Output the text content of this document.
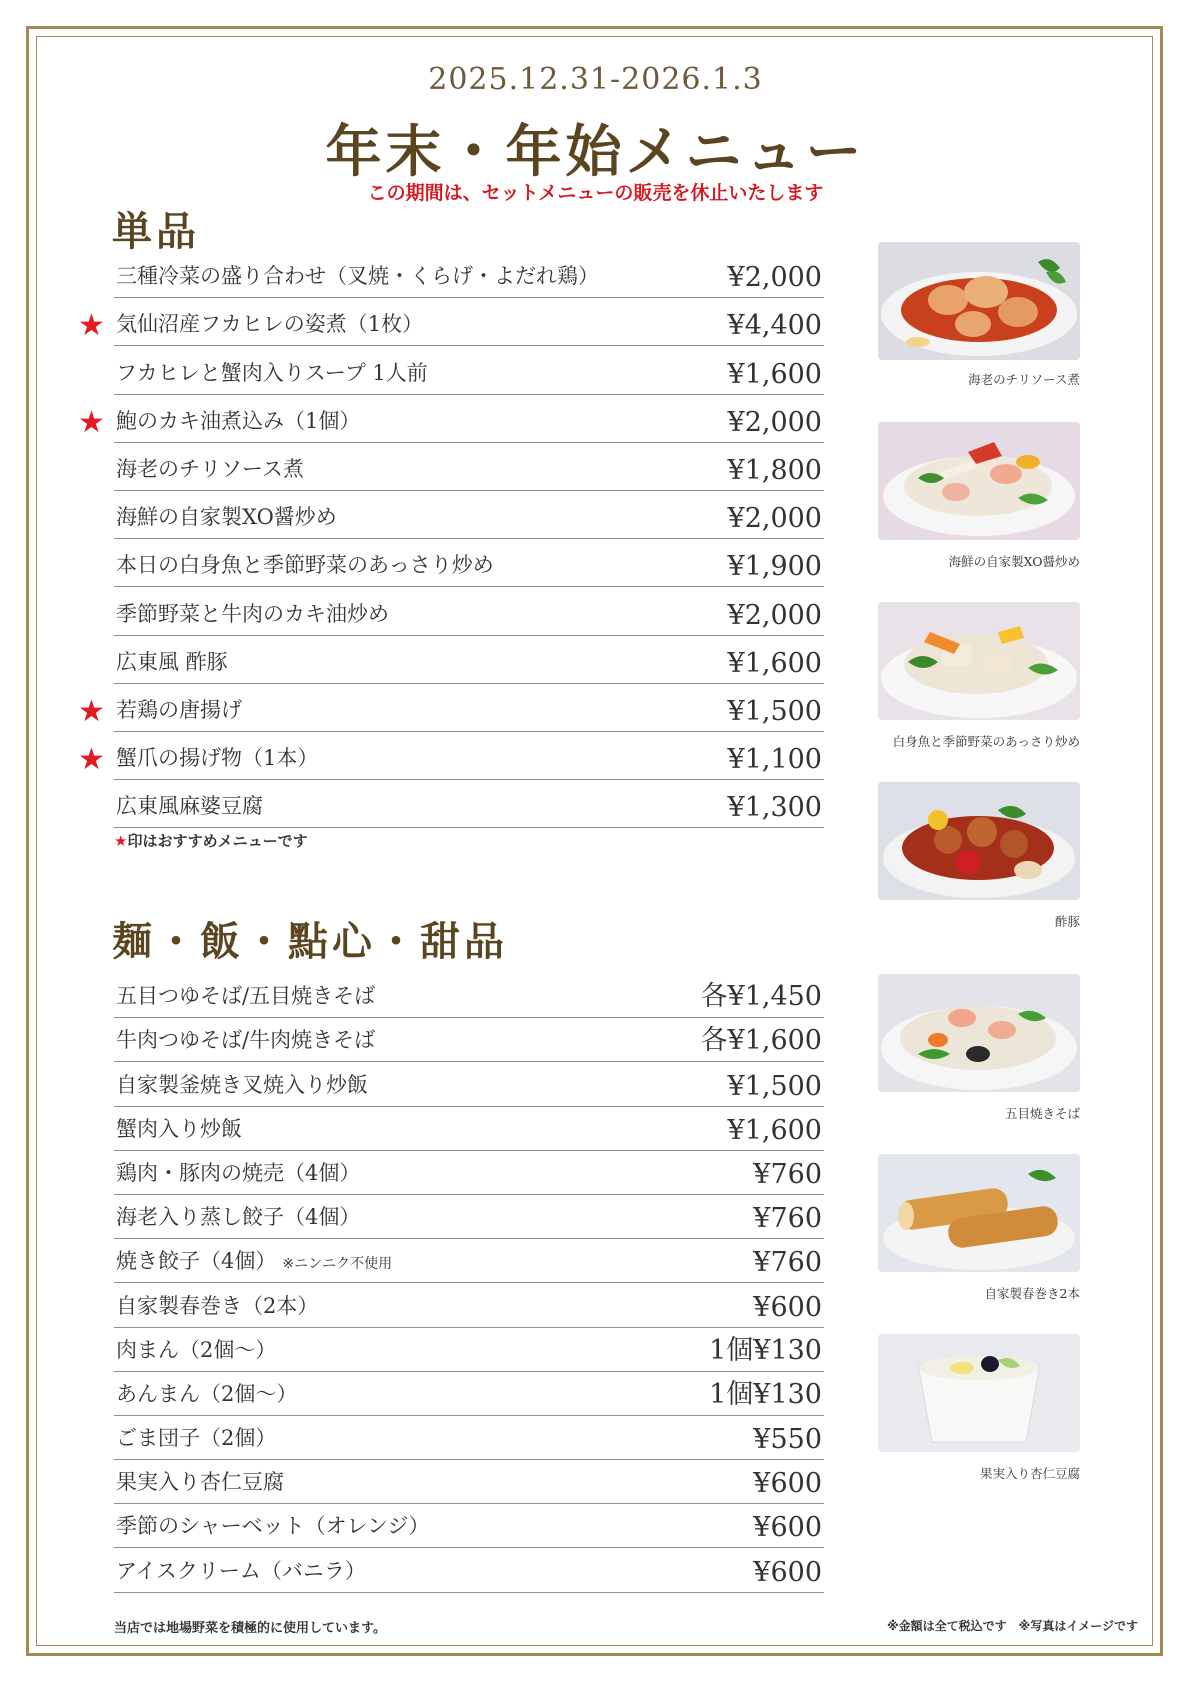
2025.12.31-2026.1.3
年末・年始メニュー
この期間は、セットメニューの販売を休止いたします
単品
三種冷菜の盛り合わせ（叉焼・くらげ・よだれ鶏）	¥2,000
★ 気仙沼産フカヒレの姿煮（1枚）	¥4,400
フカヒレと蟹肉入りスープ 1人前	¥1,600
★ 鮑のカキ油煮込み（1個）	¥2,000
海老のチリソース煮	¥1,800
海鮮の自家製XO醤炒め	¥2,000
本日の白身魚と季節野菜のあっさり炒め	¥1,900
季節野菜と牛肉のカキ油炒め	¥2,000
広東風 酢豚	¥1,600
★ 若鶏の唐揚げ	¥1,500
★ 蟹爪の揚げ物（1本）	¥1,100
広東風麻婆豆腐	¥1,300
★印はおすすめメニューです
麺・飯・點心・甜品
五目つゆそば/五目焼きそば	各¥1,450
牛肉つゆそば/牛肉焼きそば	各¥1,600
自家製釜焼き叉焼入り炒飯	¥1,500
蟹肉入り炒飯	¥1,600
鶏肉・豚肉の焼売（4個）	¥760
海老入り蒸し餃子（4個）	¥760
焼き餃子（4個） ※ニンニク不使用	¥760
自家製春巻き（2本）	¥600
肉まん（2個〜）	1個¥130
あんまん（2個〜）	1個¥130
ごま団子（2個）	¥550
果実入り杏仁豆腐	¥600
季節のシャーベット（オレンジ）	¥600
アイスクリーム（バニラ）	¥600
海老のチリソース煮
海鮮の自家製XO醤炒め
白身魚と季節野菜のあっさり炒め
酢豚
五目焼きそば
自家製春巻き2本
果実入り杏仁豆腐
当店では地場野菜を積極的に使用しています。	※金額は全て税込です　※写真はイメージです
